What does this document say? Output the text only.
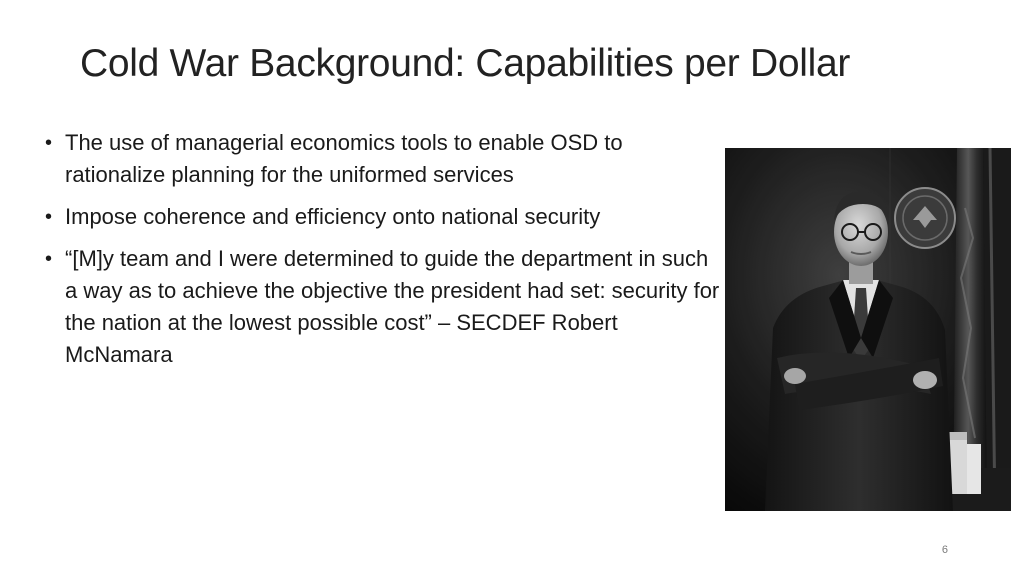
Cold War Background: Capabilities per Dollar
• The use of managerial economics tools to enable OSD to rationalize planning for the uniformed services
• Impose coherence and efficiency onto national security
• “[M]y team and I were determined to guide the department in such a way as to achieve the objective the president had set: security for the nation at the lowest possible cost” – SECDEF Robert McNamara
6
